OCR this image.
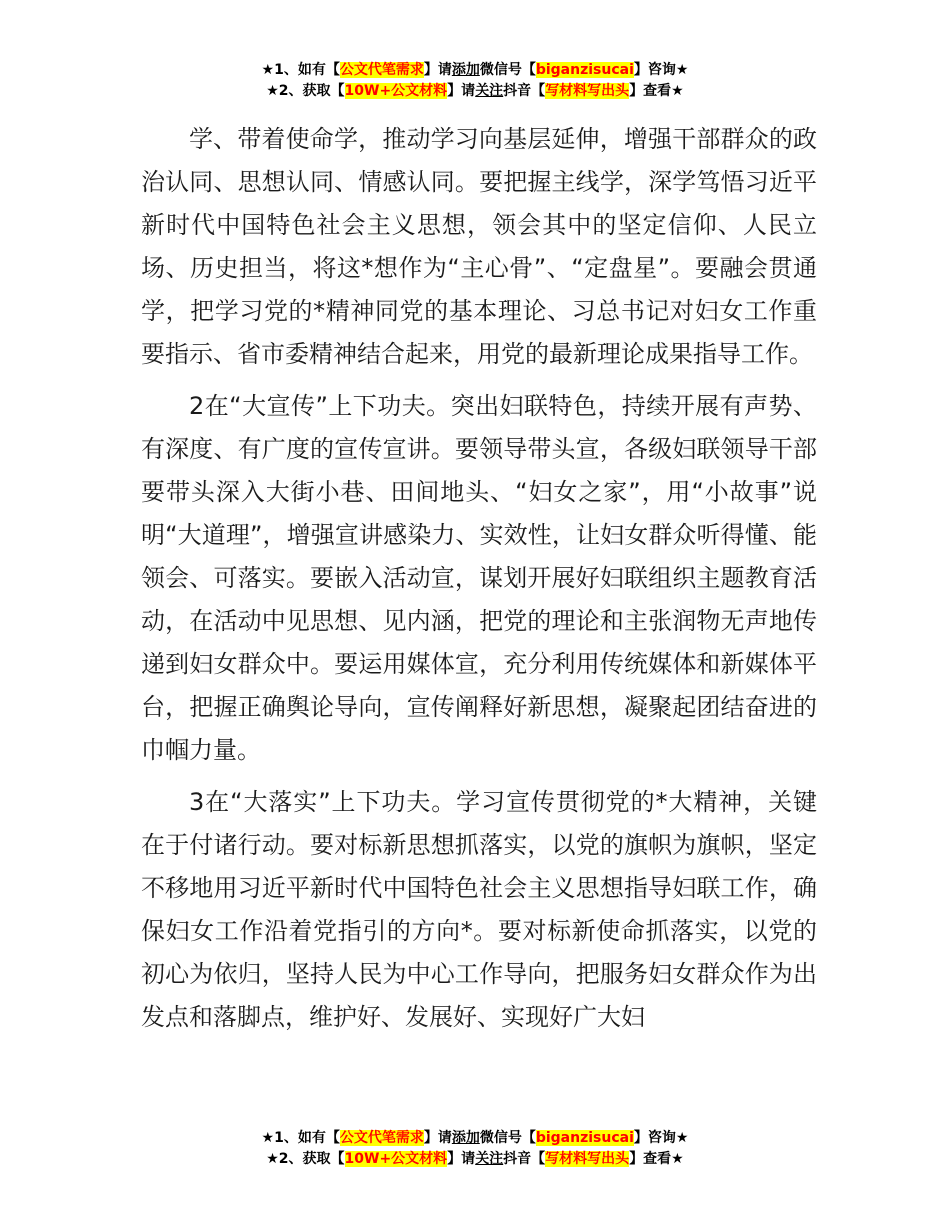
★1、如有【公文代笔需求】请添加微信号【biganzisucai】咨询★
★2、获取【10W+公文材料】请关注抖音【写材料写出头】查看★

学、带着使命学，推动学习向基层延伸，增强干部群众的政治认同、思想认同、情感认同。要把握主线学，深学笃悟习近平新时代中国特色社会主义思想，领会其中的坚定信仰、人民立场、历史担当，将这*想作为“主心骨”、“定盘星”。要融会贯通学，把学习党的*精神同党的基本理论、习总书记对妇女工作重要指示、省市委精神结合起来，用党的最新理论成果指导工作。

2在“大宣传”上下功夫。突出妇联特色，持续开展有声势、有深度、有广度的宣传宣讲。要领导带头宣，各级妇联领导干部要带头深入大街小巷、田间地头、“妇女之家”，用“小故事”说明“大道理”，增强宣讲感染力、实效性，让妇女群众听得懂、能领会、可落实。要嵌入活动宣，谋划开展好妇联组织主题教育活动，在活动中见思想、见内涵，把党的理论和主张润物无声地传递到妇女群众中。要运用媒体宣，充分利用传统媒体和新媒体平台，把握正确舆论导向，宣传阐释好新思想，凝聚起团结奋进的巾帼力量。

3在“大落实”上下功夫。学习宣传贯彻党的*大精神，关键在于付诸行动。要对标新思想抓落实，以党的旗帜为旗帜，坚定不移地用习近平新时代中国特色社会主义思想指导妇联工作，确保妇女工作沿着党指引的方向*。要对标新使命抓落实，以党的初心为依归，坚持人民为中心工作导向，把服务妇女群众作为出发点和落脚点，维护好、发展好、实现好广大妇

★1、如有【公文代笔需求】请添加微信号【biganzisucai】咨询★
★2、获取【10W+公文材料】请关注抖音【写材料写出头】查看★
